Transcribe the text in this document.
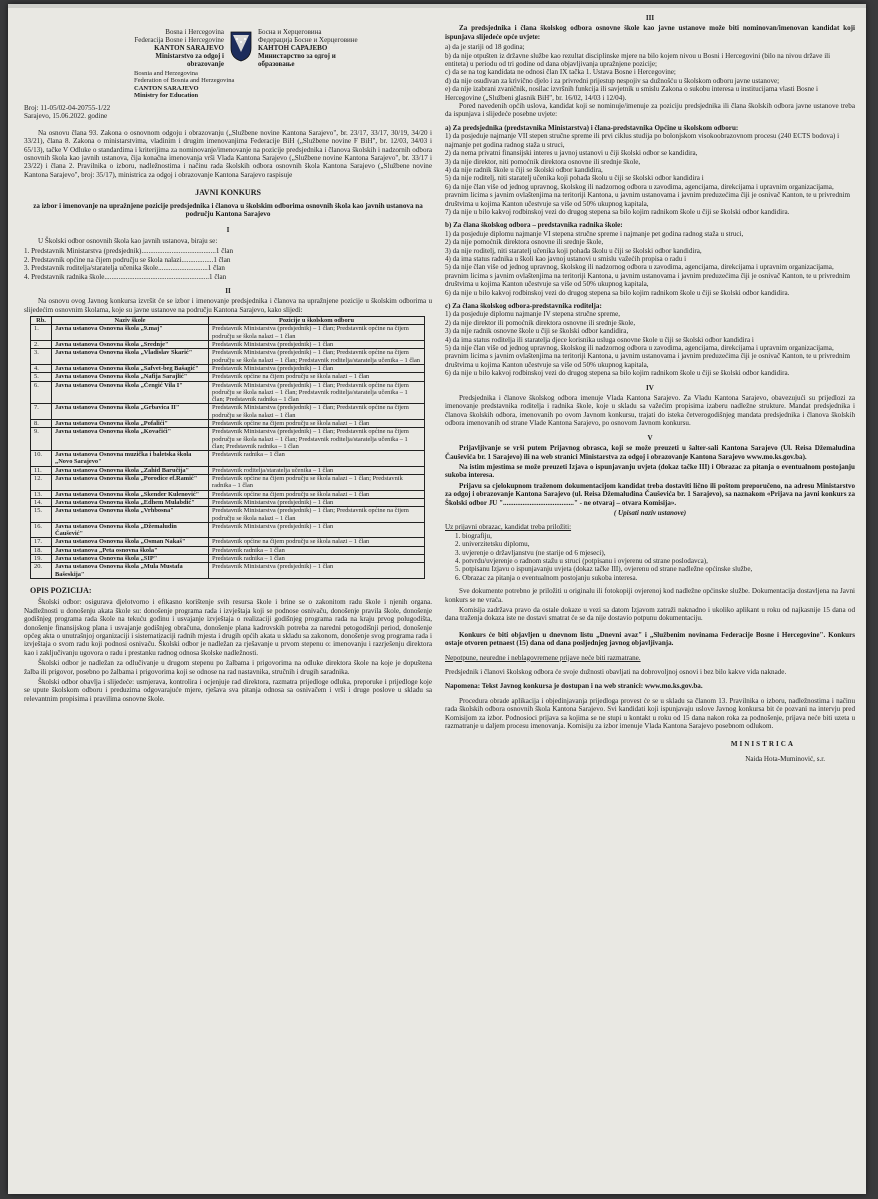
Bosna i Hercegovina
Federacija Bosne i Hercegovine
KANTON SARAJEVO
Ministarstvo za odgoj i
obrazovanje
Босна и Херцеговина
Федерација Босне и Херцеговине
КАНТОН САРАЈЕВО
Министарство за одгој и
образовање
Bosnia and Herzegovina
Federation of Bosnia and Herzegovina
CANTON SARAJEVO
Ministry for Education
Broj: 11-05/02-04-20755-1/22
Sarajevo, 15.06.2022. godine

Na osnovu člana 93. Zakona o osnovnom odgoju i obrazovanju („Službene novine Kantona Sarajevo", br. 23/17, 33/17, 30/19, 34/20 i 33/21), člana 8. Zakona o ministarstvima, vladinim i drugim imenovanjima Federacije BiH („Službene novine F BiH", br. 12/03, 34/03 i 65/13), tačke V Odluke o standardima i kriterijima za nominovanje/imenovanje na pozicije predsjednika i članova školskih i nadzornih odbora osnovnih škola kao javnih ustanova, čija konačna imenovanja vrši Vlada Kantona Sarajevo („Službene novine Kantona Sarajevo", br. 33/17 i 23/22) i člana 2. Pravilnika o izboru, nadležnostima i načinu rada školskih odbora osnovnih škola Kantona Sarajevo („Službene novine Kantona Sarajevo", broj: 35/17), ministrica za odgoj i obrazovanje Kantona Sarajevo raspisuje

JAVNI KONKURS
za izbor i imenovanje na upražnjene pozicije predsjednika i članova u školskim odborima osnovnih škola kao javnih ustanova na području Kantona Sarajevo
I

U Školski odbor osnovnih škola kao javnih ustanova, biraju se:

1. Predstavnik Ministarstva (predsjednik)..........................................1 član
2. Predstavnik općine na čijem području se škola nalazi..................1 član
3. Predstavnik roditelja/staratelja učenika škole............................1 član
4. Predstavnik radnika škole...........................................................1 član
II

Na osnovu ovog Javnog konkursa izvršit će se izbor i imenovanje predsjednika i članova na upražnjene pozicije u školskim odborima u slijedećim osnovnim školama, koje su javne ustanove na području Kantona Sarajevo, kako slijedi:

Rb.	Naziv škole	Pozicije u školskom odboru
1.	Javna ustanova Osnovna škola „9.maj"	Predstavnik Ministarstva (predsjednik) – 1 član; Predstavnik općine na čijem području se škola nalazi – 1 član
2.	Javna ustanova Osnovna škola „Srednje"	Predstavnik Ministarstva (predsjednik) – 1 član
3.	Javna ustanova Osnovna škola „Vladislav Skarić"	Predstavnik Ministarstva (predsjednik) – 1 član; Predstavnik općine na čijem području se škola nalazi – 1 član; Predstavnik roditelja/staratelja učenika – 1 član
4.	Javna ustanova Osnovna škola „Safvet-beg Bašagić"	Predstavnik Ministarstva (predsjednik) – 1 član
5.	Javna ustanova Osnovna škola „Nafija Sarajlić"	Predstavnik općine na čijem području se škola nalazi – 1 član
6.	Javna ustanova Osnovna škola „Čengić Vila I"	Predstavnik Ministarstva (predsjednik) – 1 član; Predstavnik općine na čijem području se škola nalazi – 1 član; Predstavnik roditelja/staratelja učenika – 1 član; Predstavnik radnika – 1 član
7.	Javna ustanova Osnovna škola „Grbavica II"	Predstavnik Ministarstva (predsjednik) – 1 član; Predstavnik općine na čijem području se škola nalazi – 1 član
8.	Javna ustanova Osnovna škola „Pofalići"	Predstavnik općine na čijem području se škola nalazi – 1 član
9.	Javna ustanova Osnovna škola „Kovačići"	Predstavnik Ministarstva (predsjednik) – 1 član; Predstavnik općine na čijem području se škola nalazi – 1 član; Predstavnik roditelja/staratelja učenika – 1 član; Predstavnik radnika – 1 član
10.	Javna ustanova Osnovna muzička i baletska škola „Novo Sarajevo"	Predstavnik radnika – 1 član
11.	Javna ustanova Osnovna škola „Zahid Baručija"	Predstavnik roditelja/staratelja učenika – 1 član
12.	Javna ustanova Osnovna škola „Porodice ef.Ramić"	Predstavnik općine na čijem području se škola nalazi – 1 član; Predstavnik radnika – 1 član
13.	Javna ustanova Osnovna škola „Skender Kulenović"	Predstavnik općine na čijem području se škola nalazi – 1 član
14.	Javna ustanova Osnovna škola „Edhem Mulabdić"	Predstavnik Ministarstva (predsjednik) – 1 član
15.	Javna ustanova Osnovna škola „Vrhbosna"	Predstavnik Ministarstva (predsjednik) – 1 član; Predstavnik općine na čijem području se škola nalazi – 1 član
16.	Javna ustanova Osnovna škola „Džemaludin Čaušević"	Predstavnik Ministarstva (predsjednik) – 1 član
17.	Javna ustanova Osnovna škola „Osman Nakaš"	Predstavnik općine na čijem području se škola nalazi – 1 član
18.	Javna ustanova „Peta osnovna škola"	Predstavnik radnika – 1 član
19.	Javna ustanova Osnovna škola „SIP"	Predstavnik radnika – 1 član
20.	Javna ustanova Osnovna škola „Mula Mustafa Bašeskija"	Predstavnik Ministarstva (predsjednik) – 1 član
OPIS POZICIJA:

Školski odbor: osigurava djelotvorno i efikasno korištenje svih resursa škole i brine se o zakonitom radu škole i njenih organa. Nadležnosti u donošenju akata škole su: donošenje programa rada i izvještaja koji se podnose osnivaču, donošenje pravila škole, donošenje godišnjeg programa rada škole na tekuću godinu i usvajanje izvještaja o realizaciji godišnjeg programa rada na kraju prvog polugodišta, donošenje finansijskog plana i usvajanje godišnjeg obračuna, donošenje plana kadrovskih potreba za naredni petogodišnji period, donošenje općeg akta o unutrašnjoj organizaciji i sistematizaciji radnih mjesta i drugih općih akata u skladu sa zakonom, donošenje svog programa rada i izvještaja o svom radu koji podnosi osnivaču. Školski odbor je nadležan za rješavanje u prvom stepenu o: imenovanju i razrješenju direktora kao i zaključivanju ugovora o radu i prestanku radnog odnosa školske nadležnosti.

Školski odbor je nadležan za odlučivanje u drugom stepenu po žalbama i prigovorima na odluke direktora škole na koje je dopuštena žalba ili prigovor, posebno po žalbama i prigovorima koji se odnose na rad nastavnika, stručnih i drugih saradnika.

Školski odbor obavlja i slijedeće: usmjerava, kontrolira i ocjenjuje rad direktora, razmatra prijedloge odluka, preporuke i prijedloge koje se upute školskom odboru i preduzima odgovarajuće mjere, rješava sva pitanja odnosa sa osnivačem i vrši i druge poslove u skladu sa relevantnim propisima i pravilima osnovne škole.

III

Za predsjednika i člana školskog odbora osnovne škole kao javne ustanove može biti nominovan/imenovan kandidat koji ispunjava slijedeće opće uvjete:

a) da je stariji od 18 godina;
b) da nije otpušten iz državne službe kao rezultat disciplinske mjere na bilo kojem nivou u Bosni i Hercegovini (bilo na nivou države ili entiteta) u periodu od tri godine od dana objavljivanja upražnjene pozicije;
c) da se na tog kandidata ne odnosi član IX tačka 1. Ustava Bosne i Hercegovine;
d) da nije osuđivan za krivično djelo i za privredni prijestup nespojiv sa dužnošću u školskom odboru javne ustanove;
e) da nije izabrani zvaničnik, nosilac izvršnih funkcija ili savjetnik u smislu Zakona o sukobu interesa u institucijama vlasti Bosne i Hercegovine („Službeni glasnik BiH", br. 16/02, 14/03 i 12/04).

Pored navedenih općih uslova, kandidat koji se nominuje/imenuje za poziciju predsjednika ili člana školskih odbora javne ustanove treba da ispunjava i slijedeće posebne uvjete:

a) Za predsjednika (predstavnika Ministarstva) i člana-predstavnika Općine u školskom odboru:
1) da posjeduje najmanje VII stepen stručne spreme ili prvi ciklus studija po bolonjskom visokoobrazovnom procesu (240 ECTS bodova) i najmanje pet godina radnog staža u struci,
2) da nema privatni finansijski interes u javnoj ustanovi u čiji školski odbor se kandidira,
3) da nije direktor, niti pomoćnik direktora osnovne ili srednje škole,
4) da nije radnik škole u čiji se školski odbor kandidira,
5) da nije roditelj, niti staratelj učenika koji pohađa školu u čiji se školski odbor kandidira i
6) da nije član više od jednog upravnog, školskog ili nadzornog odbora u zavodima, agencijama, direkcijama i upravnim organizacijama, pravnim licima s javnim ovlaštenjima na teritoriji Kantona, u javnim ustanovama i javnim preduzećima čiji je osnivač Kanton, te u privrednim društvima u kojima Kanton učestvuje sa više od 50% ukupnog kapitala,
7) da nije u bilo kakvoj rodbinskoj vezi do drugog stepena sa bilo kojim radnikom škole u čiji se školski odbor kandidira.
b) Za člana školskog odbora – predstavnika radnika škole:
1) da posjeduje diplomu najmanje VI stepena stručne spreme i najmanje pet godina radnog staža u struci,
2) da nije pomoćnik direktora osnovne ili srednje škole,
3) da nije roditelj, niti staratelj učenika koji pohađa školu u čiji se školski odbor kandidira,
4) da ima status radnika u školi kao javnoj ustanovi u smislu važećih propisa o radu i
5) da nije član više od jednog upravnog, školskog ili nadzornog odbora u zavodima, agencijama, direkcijama i upravnim organizacijama, pravnim licima s javnim ovlaštenjima na teritoriji Kantona, u javnim ustanovama i javnim preduzećima čiji je osnivač Kanton, te u privrednim društvima u kojima Kanton učestvuje sa više od 50% ukupnog kapitala,
6) da nije u bilo kakvoj rodbinskoj vezi do drugog stepena sa bilo kojim radnikom škole u čiji se školski odbor kandidira.
c) Za člana školskog odbora-predstavnika roditelja:
1) da posjeduje diplomu najmanje IV stepena stručne spreme,
2) da nije direktor ili pomoćnik direktora osnovne ili srednje škole,
3) da nije radnik osnovne škole u čiji se školski odbor kandidira,
4) da ima status roditelja ili staratelja djece korisnika usluga osnovne škole u čiji se školski odbor kandidira i
5) da nije član više od jednog upravnog, školskog ili nadzornog odbora u zavodima, agencijama, direkcijama i upravnim organizacijama, pravnim licima s javnim ovlaštenjima na teritoriji Kantona, u javnim ustanovama i javnim preduzećima čiji je osnivač Kanton, te u privrednim društvima u kojima Kanton učestvuje sa više od 50% ukupnog kapitala,
6) da nije u bilo kakvoj rodbinskoj vezi do drugog stepena sa bilo kojim radnikom škole u čiji se školski odbor kandidira.
IV

Predsjednika i članove školskog odbora imenuje Vlada Kantona Sarajevo. Za Vladu Kantona Sarajevo, obavezujući su prijedlozi za imenovanje predstavnika roditelja i radnika škole, koje u skladu sa važećim propisima izaberu nadležne strukture. Mandat predsjednika i članova školskih odbora, imenovanih po ovom Javnom konkursu, trajati do isteka četverogodišnjeg mandata predsjednika i članova školskih odbora imenovanih od strane Vlade Kantona Sarajevo, po osnovom Javnom konkursu.

V

Prijavljivanje se vrši putem Prijavnog obrasca, koji se može preuzeti u šalter-sali Kantona Sarajevo (Ul. Reisa Džemaludina Čauševića br. 1 Sarajevo) ili na web stranici Ministarstva za odgoj i obrazovanje Kantona Sarajevo www.mo.ks.gov.ba).

Na istim mjestima se može preuzeti Izjava o ispunjavanju uvjeta (dokaz tačke III) i Obrazac za pitanja o eventualnom postojanju sukoba interesa.

Prijavu sa cjelokupnom traženom dokumentacijom kandidat treba dostaviti lično ili poštom preporučeno, na adresu Ministarstvo za odgoj i obrazovanje Kantona Sarajevo (ul. Reisa Džemaludina Čauševića br. 1 Sarajevo), sa naznakom «Prijava na javni konkurs za Školski odbor JU "........................................" - ne otvaraj – otvara Komisija».

( Upisati naziv ustanove)
Uz prijavni obrazac, kandidat treba priložiti:
1. biografiju,
2. univerzitetsku diplomu,
3. uvjerenje o državljanstvu (ne starije od 6 mjeseci),
4. potvrdu/uvjerenje o radnom stažu u struci (potpisanu i ovjerenu od strane poslodavca),
5. potpisanu Izjavu o ispunjavanju uvjeta (dokaz tačke III), ovjerenu od strane nadležne općinske službe,
6. Obrazac za pitanja o eventualnom postojanju sukoba interesa.

Sve dokumente potrebno je priložiti u originalu ili fotokopiji ovjerenoj kod nadležne općinske službe. Dokumentacija dostavljena na Javni konkurs se ne vraća.

Komisija zadržava pravo da ostale dokaze u vezi sa datom Izjavom zatraži naknadno i ukoliko aplikant u roku od najkasnije 15 dana od dana traženja dokaza iste ne dostavi smatrat će se da nije dostavio potpunu dokumentaciju.

Konkurs će biti objavljen u dnevnom listu „Dnevni avaz" i „Službenim novinama Federacije Bosne i Hercegovine". Konkurs ostaje otvoren petnaest (15) dana od dana posljednjeg javnog objavljivanja.

Nepotpune, neuredne i neblagovremene prijave neće biti razmatrane.

Predsjednik i članovi školskog odbora će svoje dužnosti obavljati na dobrovoljnoj osnovi i bez bilo kakve vida naknade.

Napomena: Tekst Javnog konkursa je dostupan i na web stranici: www.mo.ks.gov.ba.

Procedura obrade aplikacija i objedinjavanja prijedloga provest će se u skladu sa članom 13. Pravilnika o izboru, nadležnostima i načinu rada školskih odbora osnovnih škola Kantona Sarajevo. Svi kandidati koji ispunjavaju uslove Javnog konkursa bit će pozvani na intervju pred Komisijom za izbor. Podnosioci prijava sa kojima se ne stupi u kontakt u roku od 15 dana nakon roka za podnošenje, prijava neće biti uzeta u razmatranje u daljem procesu imenovanja. Komisiju za izbor imenuje Vlada Kantona Sarajevo posebnom odlukom.

MINISTRICA
Naida Hota-Muminović, s.r.
